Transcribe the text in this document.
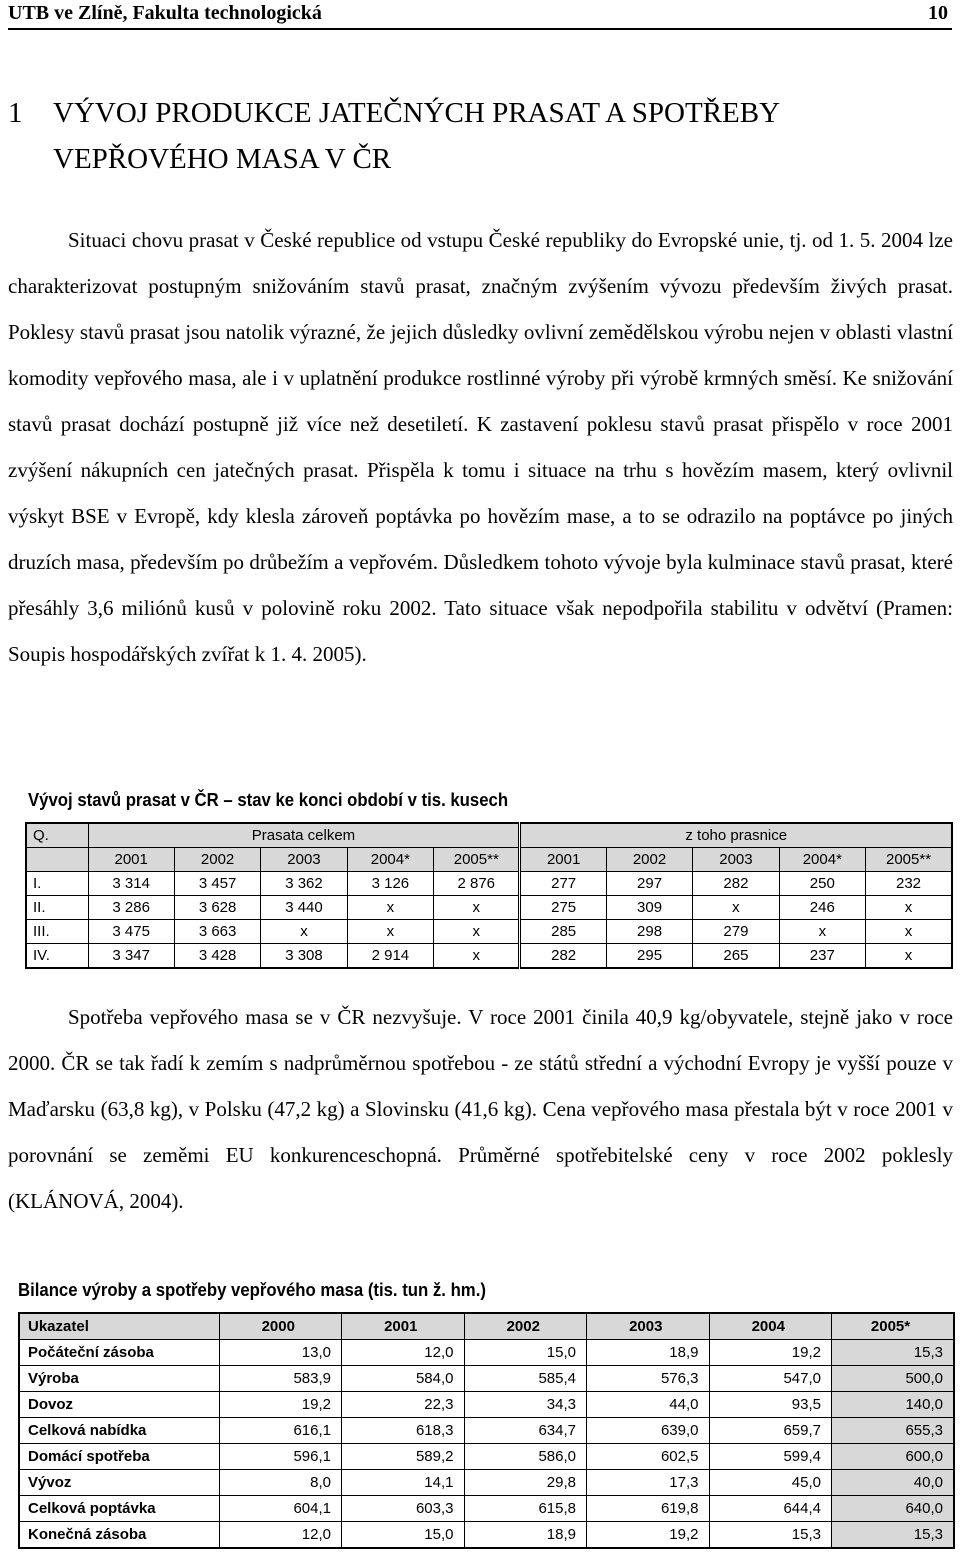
UTB ve Zlíně, Fakulta technologická	10
1 VÝVOJ PRODUKCE JATEČNÝCH PRASAT A SPOTŘEBY
VEPŘOVÉHO MASA V ČR

Situaci chovu prasat v České republice od vstupu České republiky do Evropské unie, tj. od 1. 5. 2004 lze charakterizovat postupným snižováním stavů prasat, značným zvýšením vývozu především živých prasat. Poklesy stavů prasat jsou natolik výrazné, že jejich důsledky ovlivní zemědělskou výrobu nejen v oblasti vlastní komodity vepřového masa, ale i v uplatnění produkce rostlinné výroby při výrobě krmných směsí. Ke snižování stavů prasat dochází postupně již více než desetiletí. K zastavení poklesu stavů prasat přispělo v roce 2001 zvýšení nákupních cen jatečných prasat. Přispěla k tomu i situace na trhu s hovězím masem, který ovlivnil výskyt BSE v Evropě, kdy klesla zároveň poptávka po hovězím mase, a to se odrazilo na poptávce po jiných druzích masa, především po drůbežím a vepřovém. Důsledkem tohoto vývoje byla kulminace stavů prasat, které přesáhly 3,6 miliónů kusů v polovině roku 2002. Tato situace však nepodpořila stabilitu v odvětví (Pramen: Soupis hospodářských zvířat k 1. 4. 2005).

Vývoj stavů prasat v ČR – stav ke konci období v tis. kusech
Q.	Prasata celkem					z toho prasnice				
	2001	2002	2003	2004*	2005**	2001	2002	2003	2004*	2005**
I.	3 314	3 457	3 362	3 126	2 876	277	297	282	250	232
II.	3 286	3 628	3 440	x	x	275	309	x	246	x
III.	3 475	3 663	x	x	x	285	298	279	x	x
IV.	3 347	3 428	3 308	2 914	x	282	295	265	237	x

Spotřeba vepřového masa se v ČR nezvyšuje. V roce 2001 činila 40,9 kg/obyvatele, stejně jako v roce 2000. ČR se tak řadí k zemím s nadprůměrnou spotřebou - ze států střední a východní Evropy je vyšší pouze v Maďarsku (63,8 kg), v Polsku (47,2 kg) a Slovinsku (41,6 kg). Cena vepřového masa přestala být v roce 2001 v porovnání se zeměmi EU konkurenceschopná. Průměrné spotřebitelské ceny v roce 2002 poklesly (KLÁNOVÁ, 2004).

Bilance výroby a spotřeby vepřového masa (tis. tun ž. hm.)
Ukazatel	2000	2001	2002	2003	2004	2005*
Počáteční zásoba	13,0	12,0	15,0	18,9	19,2	15,3
Výroba	583,9	584,0	585,4	576,3	547,0	500,0
Dovoz	19,2	22,3	34,3	44,0	93,5	140,0
Celková nabídka	616,1	618,3	634,7	639,0	659,7	655,3
Domácí spotřeba	596,1	589,2	586,0	602,5	599,4	600,0
Vývoz	8,0	14,1	29,8	17,3	45,0	40,0
Celková poptávka	604,1	603,3	615,8	619,8	644,4	640,0
Konečná zásoba	12,0	15,0	18,9	19,2	15,3	15,3
